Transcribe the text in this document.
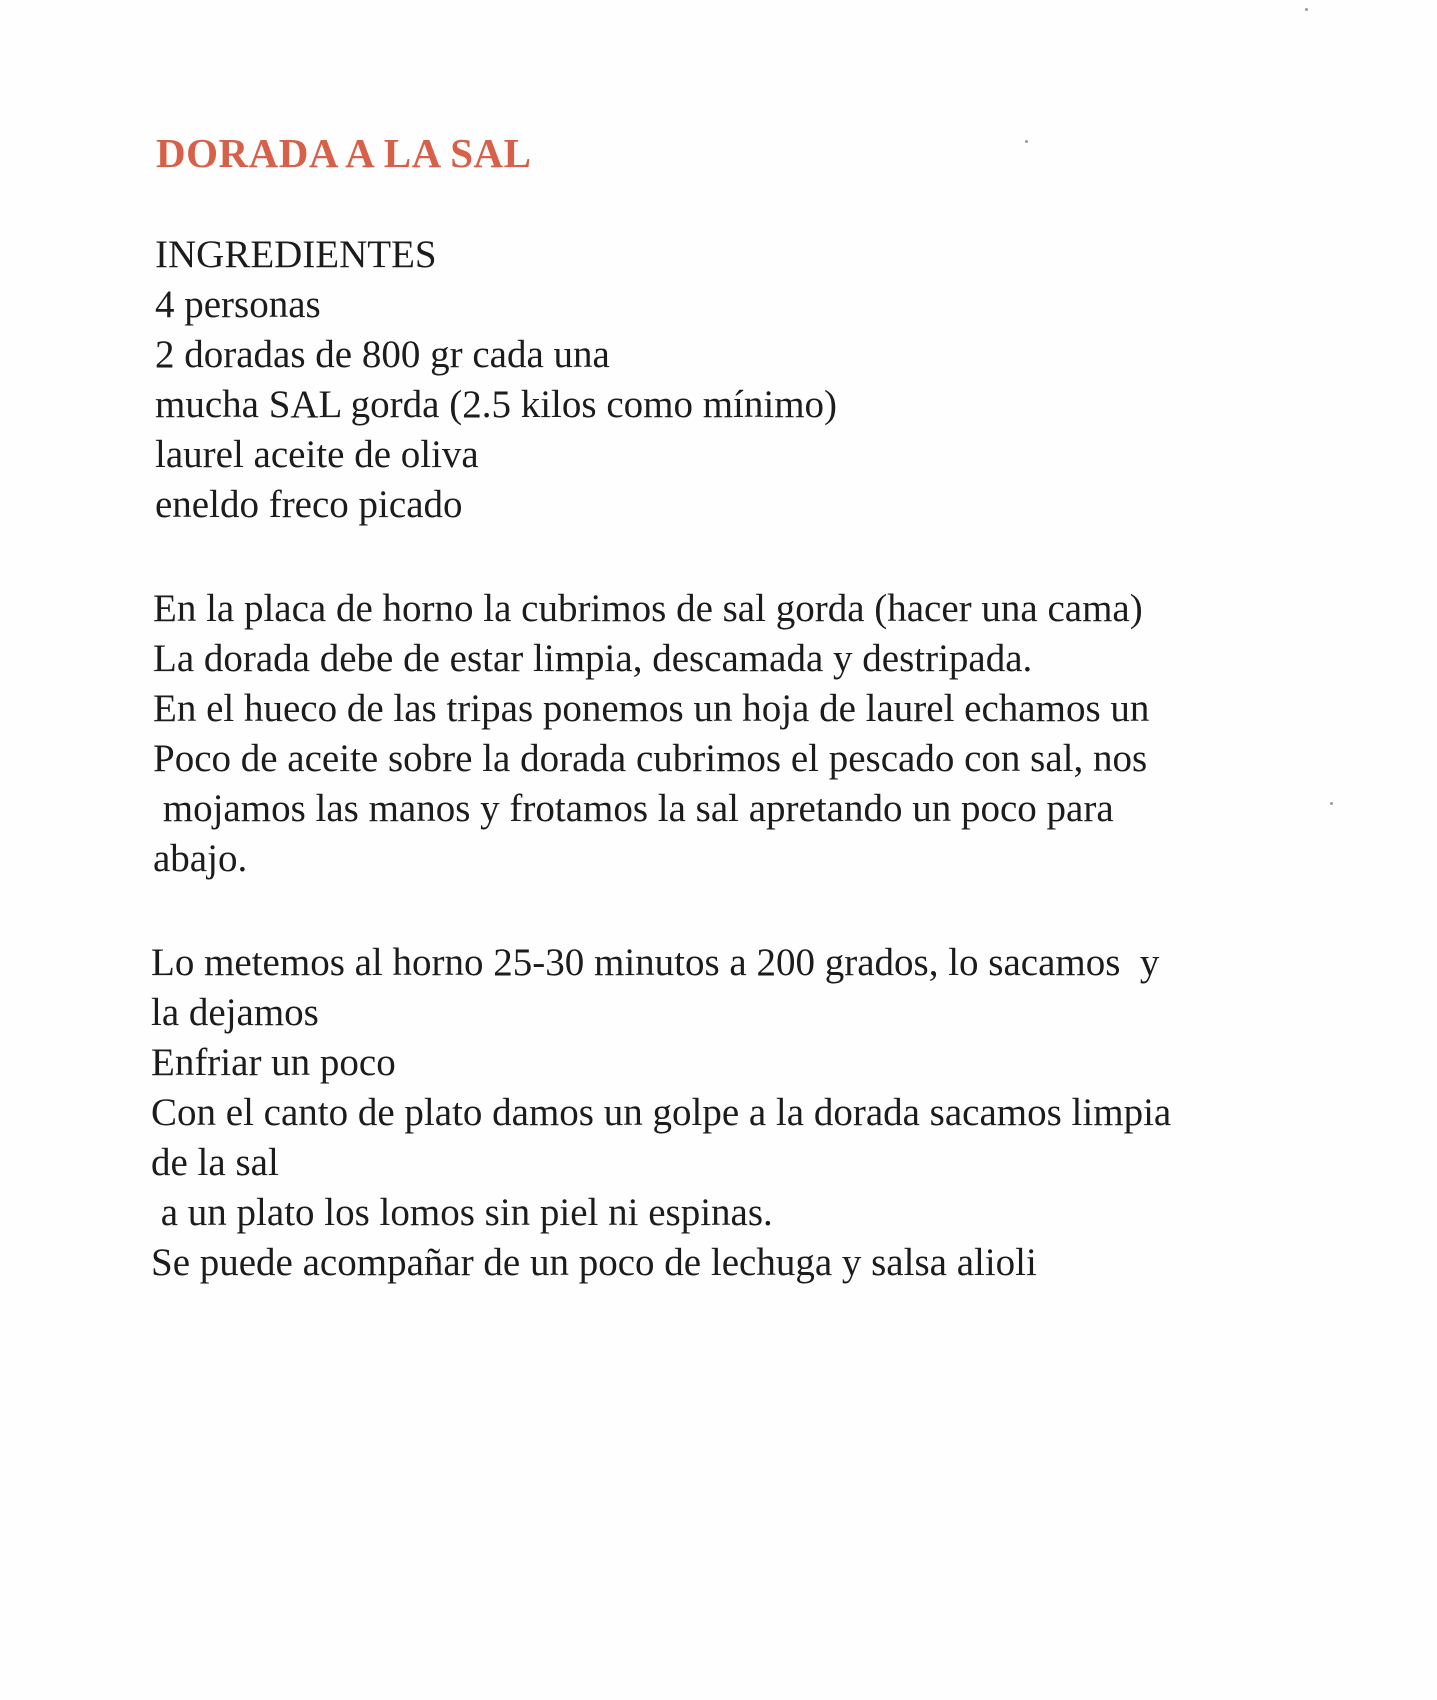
DORADA A LA SAL

INGREDIENTES

4 personas

2 doradas de 800 gr cada una

mucha SAL gorda (2.5 kilos como mínimo)

laurel aceite de oliva

eneldo freco picado

En la placa de horno la cubrimos de sal gorda (hacer una cama)

La dorada debe de estar limpia, descamada y destripada.

En el hueco de las tripas ponemos un hoja de laurel echamos un

Poco de aceite sobre la dorada cubrimos el pescado con sal, nos

mojamos las manos y frotamos la sal apretando un poco para

abajo.

Lo metemos al horno 25-30 minutos a 200 grados, lo sacamos  y

la dejamos

Enfriar un poco

Con el canto de plato damos un golpe a la dorada sacamos limpia

de la sal

a un plato los lomos sin piel ni espinas.

Se puede acompañar de un poco de lechuga y salsa alioli
